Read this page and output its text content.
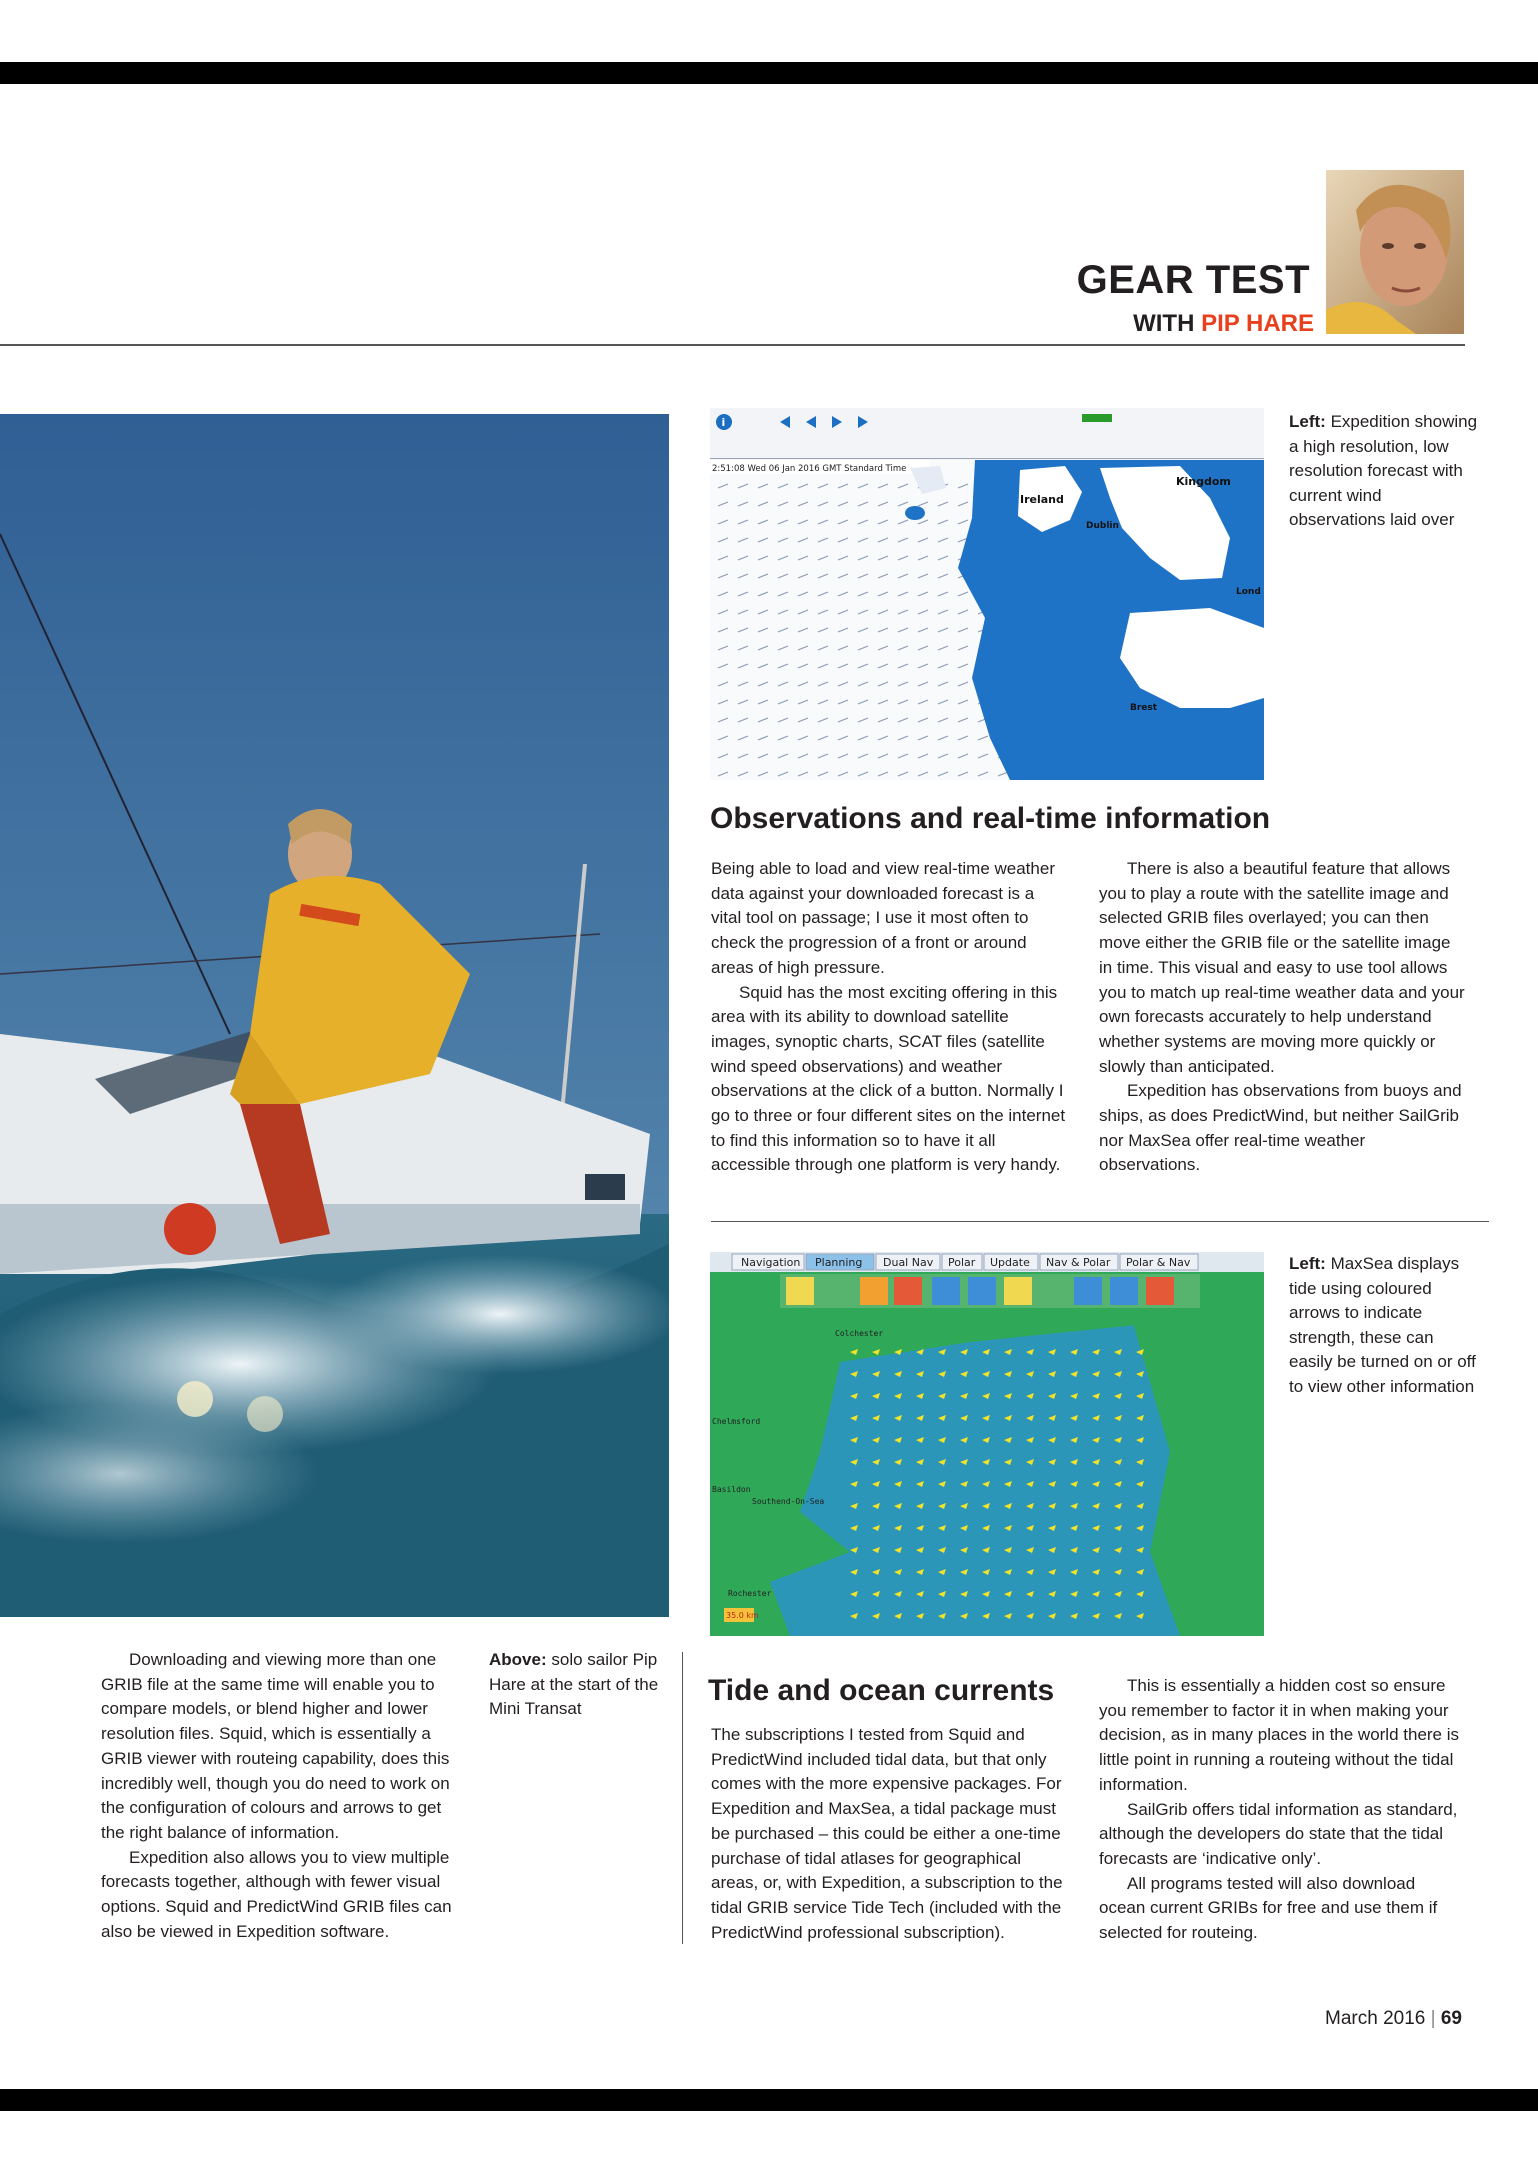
GEAR TEST
WITH PIP HARE
i
2:51:08 Wed 06 Jan 2016 GMT Standard Time
Ireland
Kingdom
Dublin
Lond
Brest
Navigation Planning Dual Nav Polar Update Nav & Polar Polar & Nav
Colchester
Chelmsford
Southend-On-Sea
Basildon
Rochester
35.0 km
Left: Expedition showing a high resolution, low resolution forecast with current wind observations laid over
Left: MaxSea displays tide using coloured arrows to indicate strength, these can easily be turned on or off to view other information
Above: solo sailor Pip Hare at the start of the Mini Transat
Observations and real-time information

Being able to load and view real-time weather data against your downloaded forecast is a vital tool on passage; I use it most often to check the progression of a front or around areas of high pressure.

Squid has the most exciting offering in this area with its ability to download satellite images, synoptic charts, SCAT files (satellite wind speed observations) and weather observations at the click of a button. Normally I go to three or four different sites on the internet to find this information so to have it all accessible through one platform is very handy.

There is also a beautiful feature that allows you to play a route with the satellite image and selected GRIB files overlayed; you can then move either the GRIB file or the satellite image in time. This visual and easy to use tool allows you to match up real-time weather data and your own forecasts accurately to help understand whether systems are moving more quickly or slowly than anticipated.

Expedition has observations from buoys and ships, as does PredictWind, but neither SailGrib nor MaxSea offer real-time weather observations.

Downloading and viewing more than one GRIB file at the same time will enable you to compare models, or blend higher and lower resolution files. Squid, which is essentially a GRIB viewer with routeing capability, does this incredibly well, though you do need to work on the configuration of colours and arrows to get the right balance of information.

Expedition also allows you to view multiple forecasts together, although with fewer visual options. Squid and PredictWind GRIB files can also be viewed in Expedition software.

Tide and ocean currents

The subscriptions I tested from Squid and PredictWind included tidal data, but that only comes with the more expensive packages. For Expedition and MaxSea, a tidal package must be purchased – this could be either a one-time purchase of tidal atlases for geographical areas, or, with Expedition, a subscription to the tidal GRIB service Tide Tech (included with the PredictWind professional subscription).

This is essentially a hidden cost so ensure you remember to factor it in when making your decision, as in many places in the world there is little point in running a routeing without the tidal information.

SailGrib offers tidal information as standard, although the developers do state that the tidal forecasts are ‘indicative only’.

All programs tested will also download ocean current GRIBs for free and use them if selected for routeing.

March 2016 | 69
